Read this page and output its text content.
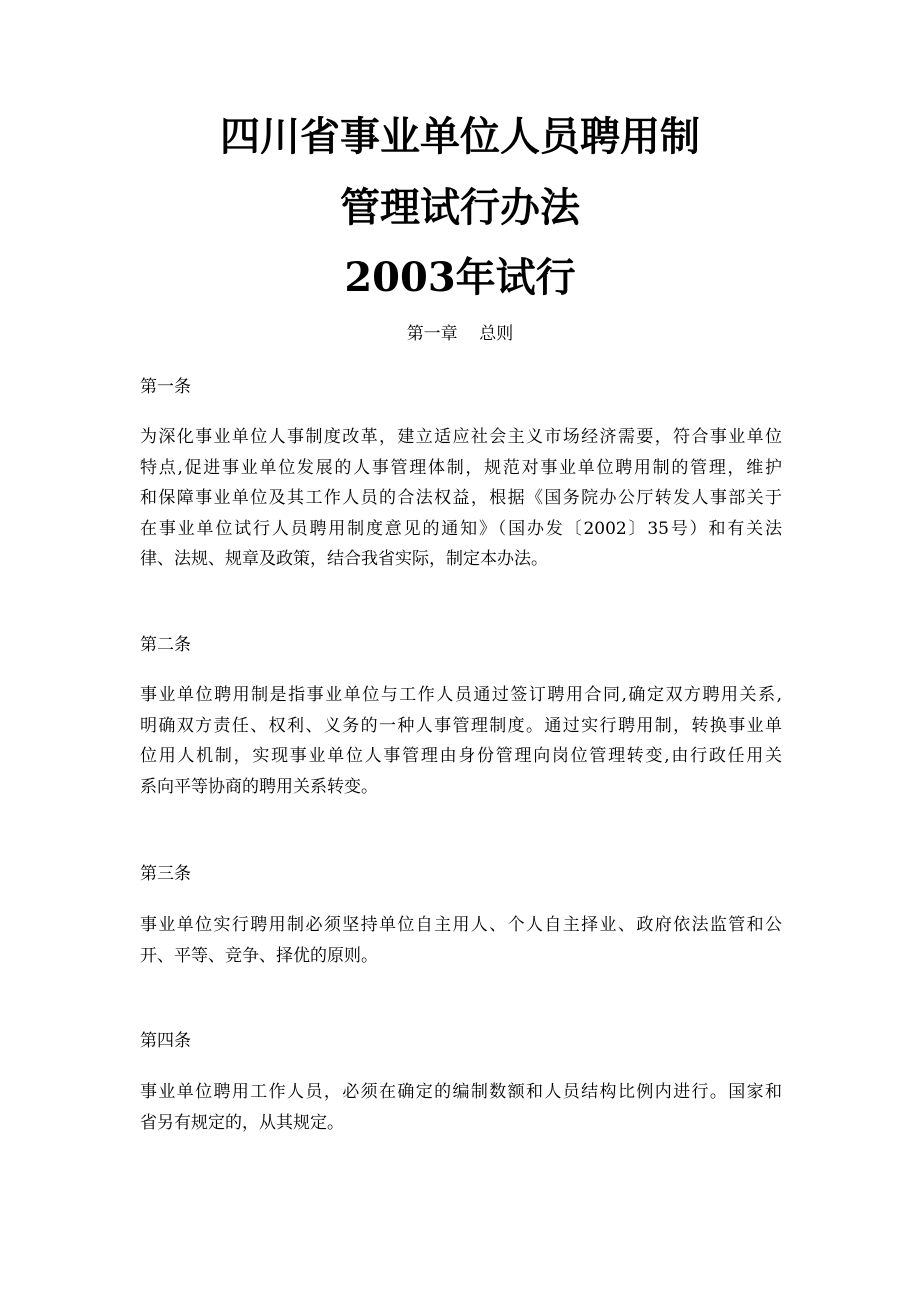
四川省事业单位人员聘用制
管理试行办法
2003年试行
第一章    总则
第一条
为深化事业单位人事制度改革，建立适应社会主义市场经济需要，符合事业单位
特点,促进事业单位发展的人事管理体制，规范对事业单位聘用制的管理，维护
和保障事业单位及其工作人员的合法权益，根据《国务院办公厅转发人事部关于
在事业单位试行人员聘用制度意见的通知》（国办发〔2002〕35号）和有关法
律、法规、规章及政策，结合我省实际，制定本办法。
第二条
事业单位聘用制是指事业单位与工作人员通过签订聘用合同,确定双方聘用关系,
明确双方责任、权利、义务的一种人事管理制度。通过实行聘用制，转换事业单
位用人机制，实现事业单位人事管理由身份管理向岗位管理转变,由行政任用关
系向平等协商的聘用关系转变。
第三条
事业单位实行聘用制必须坚持单位自主用人、个人自主择业、政府依法监管和公
开、平等、竞争、择优的原则。
第四条
事业单位聘用工作人员，必须在确定的编制数额和人员结构比例内进行。国家和
省另有规定的，从其规定。
